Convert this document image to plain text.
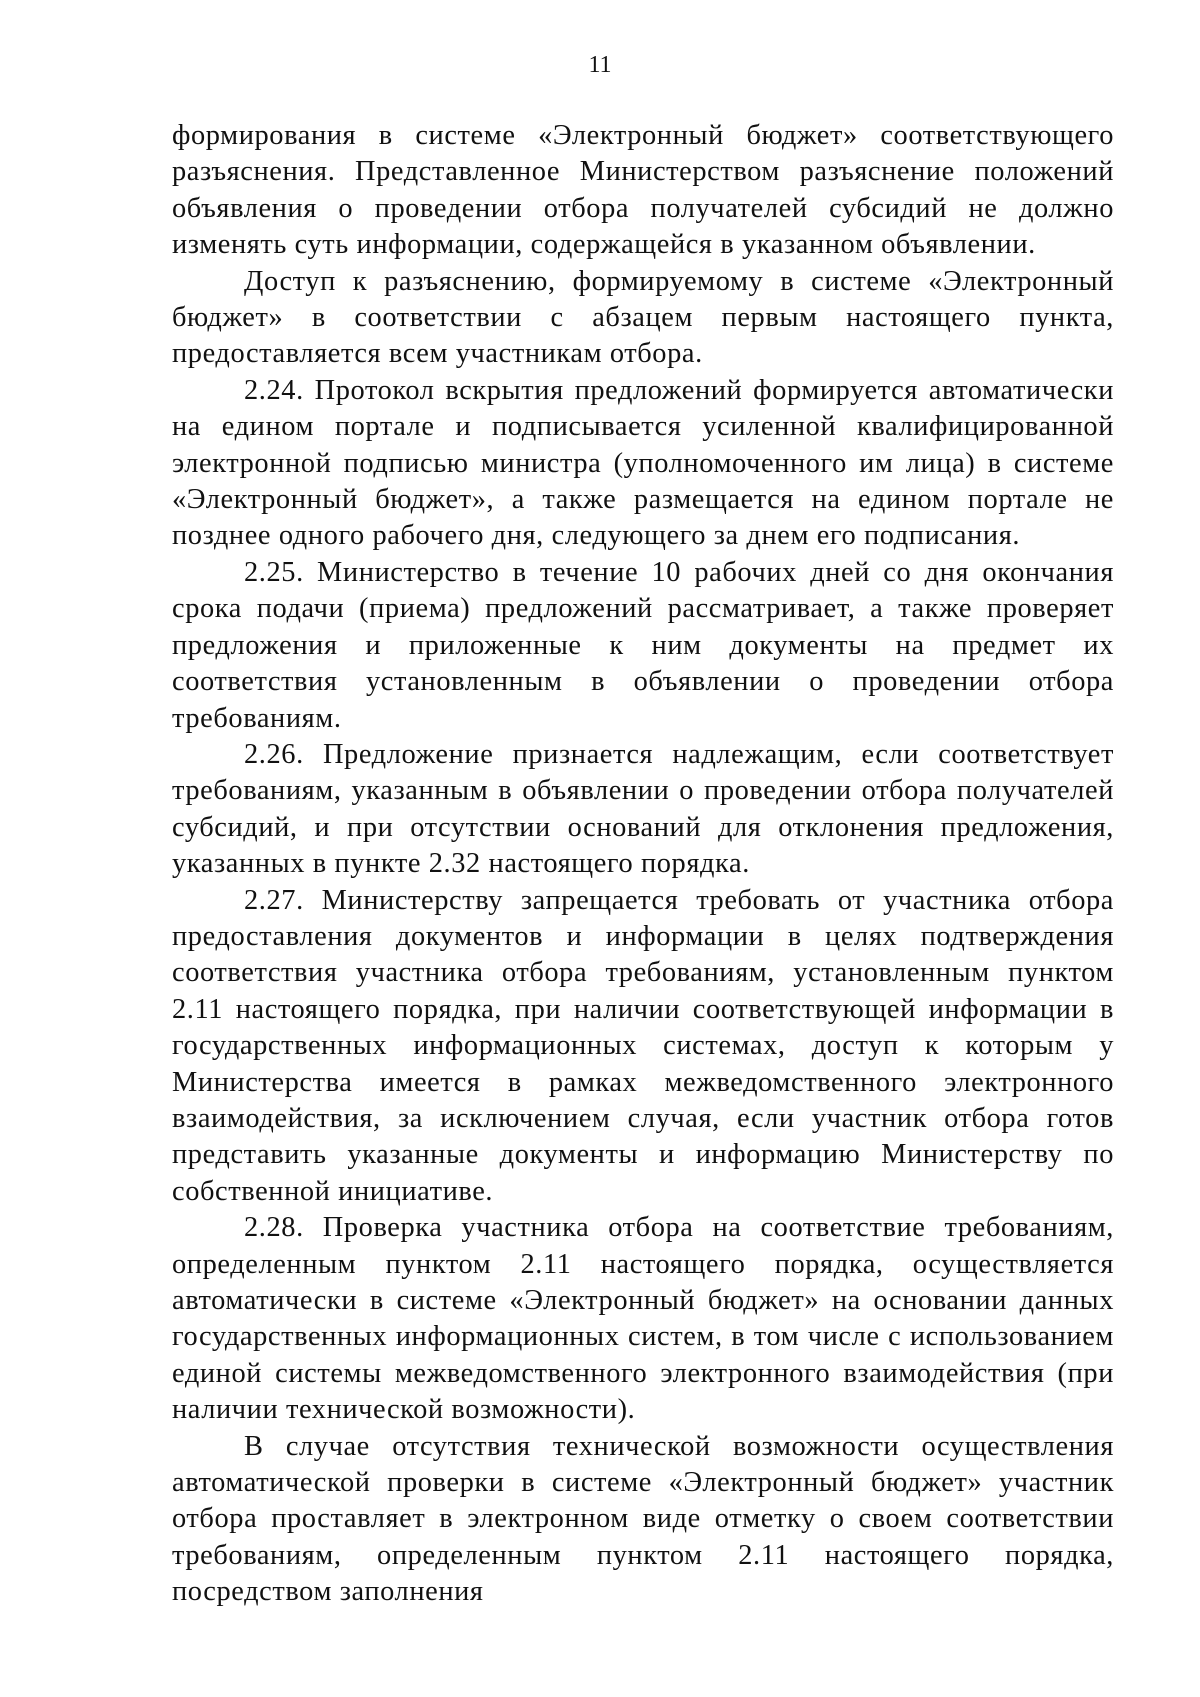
11

формирования в системе «Электронный бюджет» соответствующего разъяснения. Представленное Министерством разъяснение положений объявления о проведении отбора получателей субсидий не должно изменять суть информации, содержащейся в указанном объявлении.

Доступ к разъяснению, формируемому в системе «Электронный бюджет» в соответствии с абзацем первым настоящего пункта, предоставляется всем участникам отбора.

2.24. Протокол вскрытия предложений формируется автоматически на едином портале и подписывается усиленной квалифицированной электронной подписью министра (уполномоченного им лица) в системе «Электронный бюджет», а также размещается на едином портале не позднее одного рабочего дня, следующего за днем его подписания.

2.25. Министерство в течение 10 рабочих дней со дня окончания срока подачи (приема) предложений рассматривает, а также проверяет предложения и приложенные к ним документы на предмет их соответствия установленным в объявлении о проведении отбора требованиям.

2.26. Предложение признается надлежащим, если соответствует требованиям, указанным в объявлении о проведении отбора получателей субсидий, и при отсутствии оснований для отклонения предложения, указанных в пункте 2.32 настоящего порядка.

2.27. Министерству запрещается требовать от участника отбора предоставления документов и информации в целях подтверждения соответствия участника отбора требованиям, установленным пунктом 2.11 настоящего порядка, при наличии соответствующей информации в государственных информационных системах, доступ к которым у Министерства имеется в рамках межведомственного электронного взаимодействия, за исключением случая, если участник отбора готов представить указанные документы и информацию Министерству по собственной инициативе.

2.28. Проверка участника отбора на соответствие требованиям, определенным пунктом 2.11 настоящего порядка, осуществляется автоматически в системе «Электронный бюджет» на основании данных государственных информационных систем, в том числе с использованием единой системы межведомственного электронного взаимодействия (при наличии технической возможности).

В случае отсутствия технической возможности осуществления автоматической проверки в системе «Электронный бюджет» участник отбора проставляет в электронном виде отметку о своем соответствии требованиям, определенным пунктом 2.11 настоящего порядка, посредством заполнения
